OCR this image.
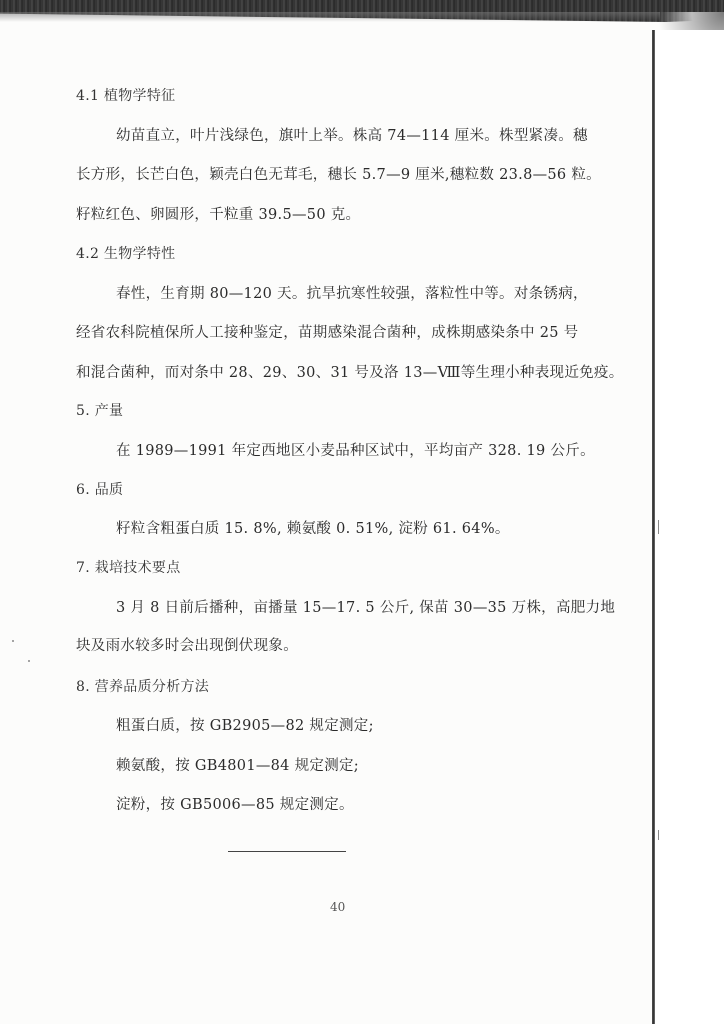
4.1 植物学特征
幼苗直立，叶片浅绿色，旗叶上举。株高 74—114 厘米。株型紧凑。穗
长方形，长芒白色，颖壳白色无茸毛，穗长 5.7—9 厘米,穗粒数 23.8—56 粒。
籽粒红色、卵圆形，千粒重 39.5—50 克。
4.2 生物学特性
春性，生育期 80—120 天。抗旱抗寒性较强，落粒性中等。对条锈病，
经省农科院植保所人工接种鉴定，苗期感染混合菌种，成株期感染条中 25 号
和混合菌种，而对条中 28、29、30、31 号及洛 13—Ⅷ等生理小种表现近免疫。
5. 产量
在 1989—1991 年定西地区小麦品种区试中，平均亩产 328. 19 公斤。
6. 品质
籽粒含粗蛋白质 15. 8%, 赖氨酸 0. 51%, 淀粉 61. 64%。
7. 栽培技术要点
3 月 8 日前后播种，亩播量 15—17. 5 公斤, 保苗 30—35 万株，高肥力地
块及雨水较多时会出现倒伏现象。
8. 营养品质分析方法
粗蛋白质，按 GB2905—82 规定测定;
赖氨酸，按 GB4801—84 规定测定;
淀粉，按 GB5006—85 规定测定。
40
